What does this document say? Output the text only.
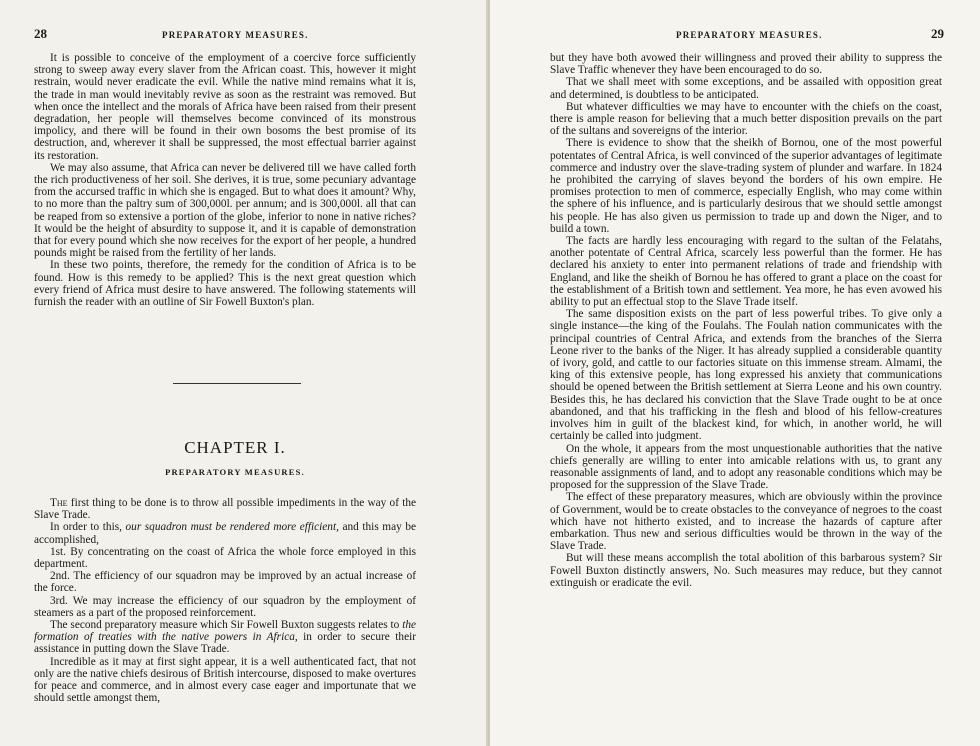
28	PREPARATORY MEASURES.

It is possible to conceive of the employment of a coercive force sufficiently strong to sweep away every slaver from the African coast. This, however it might restrain, would never eradicate the evil. While the native mind remains what it is, the trade in man would inevitably revive as soon as the restraint was removed. But when once the intellect and the morals of Africa have been raised from their present degradation, her people will themselves become convinced of its monstrous impolicy, and there will be found in their own bosoms the best promise of its destruction, and, wherever it shall be suppressed, the most effectual barrier against its restoration.

We may also assume, that Africa can never be delivered till we have called forth the rich productiveness of her soil. She derives, it is true, some pecuniary advantage from the accursed traffic in which she is engaged. But to what does it amount? Why, to no more than the paltry sum of 300,000l. per annum; and is 300,000l. all that can be reaped from so extensive a portion of the globe, inferior to none in native riches? It would be the height of absurdity to suppose it, and it is capable of demonstration that for every pound which she now receives for the export of her people, a hundred pounds might be raised from the fertility of her lands.

In these two points, therefore, the remedy for the condition of Africa is to be found. How is this remedy to be applied? This is the next great question which every friend of Africa must desire to have answered. The following statements will furnish the reader with an outline of Sir Fowell Buxton's plan.

CHAPTER I.
PREPARATORY MEASURES.

The first thing to be done is to throw all possible impediments in the way of the Slave Trade.

In order to this, our squadron must be rendered more efficient, and this may be accomplished,

1st. By concentrating on the coast of Africa the whole force employed in this department.

2nd. The efficiency of our squadron may be improved by an actual increase of the force.

3rd. We may increase the efficiency of our squadron by the employment of steamers as a part of the proposed reinforcement.

The second preparatory measure which Sir Fowell Buxton suggests relates to the formation of treaties with the native powers in Africa, in order to secure their assistance in putting down the Slave Trade.

Incredible as it may at first sight appear, it is a well authenticated fact, that not only are the native chiefs desirous of British intercourse, disposed to make overtures for peace and commerce, and in almost every case eager and importunate that we should settle amongst them,

PREPARATORY MEASURES.	29

but they have both avowed their willingness and proved their ability to suppress the Slave Traffic whenever they have been encouraged to do so.

That we shall meet with some exceptions, and be assailed with opposition great and determined, is doubtless to be anticipated.

But whatever difficulties we may have to encounter with the chiefs on the coast, there is ample reason for believing that a much better disposition prevails on the part of the sultans and sovereigns of the interior.

There is evidence to show that the sheikh of Bornou, one of the most powerful potentates of Central Africa, is well convinced of the superior advantages of legitimate commerce and industry over the slave-trading system of plunder and warfare. In 1824 he prohibited the carrying of slaves beyond the borders of his own empire. He promises protection to men of commerce, especially English, who may come within the sphere of his influence, and is particularly desirous that we should settle amongst his people. He has also given us permission to trade up and down the Niger, and to build a town.

The facts are hardly less encouraging with regard to the sultan of the Felatahs, another potentate of Central Africa, scarcely less powerful than the former. He has declared his anxiety to enter into permanent relations of trade and friendship with England, and like the sheikh of Bornou he has offered to grant a place on the coast for the establishment of a British town and settlement. Yea more, he has even avowed his ability to put an effectual stop to the Slave Trade itself.

The same disposition exists on the part of less powerful tribes. To give only a single instance—the king of the Foulahs. The Foulah nation communicates with the principal countries of Central Africa, and extends from the branches of the Sierra Leone river to the banks of the Niger. It has already supplied a considerable quantity of ivory, gold, and cattle to our factories situate on this immense stream. Almami, the king of this extensive people, has long expressed his anxiety that communications should be opened between the British settlement at Sierra Leone and his own country. Besides this, he has declared his conviction that the Slave Trade ought to be at once abandoned, and that his trafficking in the flesh and blood of his fellow-creatures involves him in guilt of the blackest kind, for which, in another world, he will certainly be called into judgment.

On the whole, it appears from the most unquestionable authorities that the native chiefs generally are willing to enter into amicable relations with us, to grant any reasonable assignments of land, and to adopt any reasonable conditions which may be proposed for the suppression of the Slave Trade.

The effect of these preparatory measures, which are obviously within the province of Government, would be to create obstacles to the conveyance of negroes to the coast which have not hitherto existed, and to increase the hazards of capture after embarkation. Thus new and serious difficulties would be thrown in the way of the Slave Trade.

But will these means accomplish the total abolition of this barbarous system? Sir Fowell Buxton distinctly answers, No. Such measures may reduce, but they cannot extinguish or eradicate the evil.
